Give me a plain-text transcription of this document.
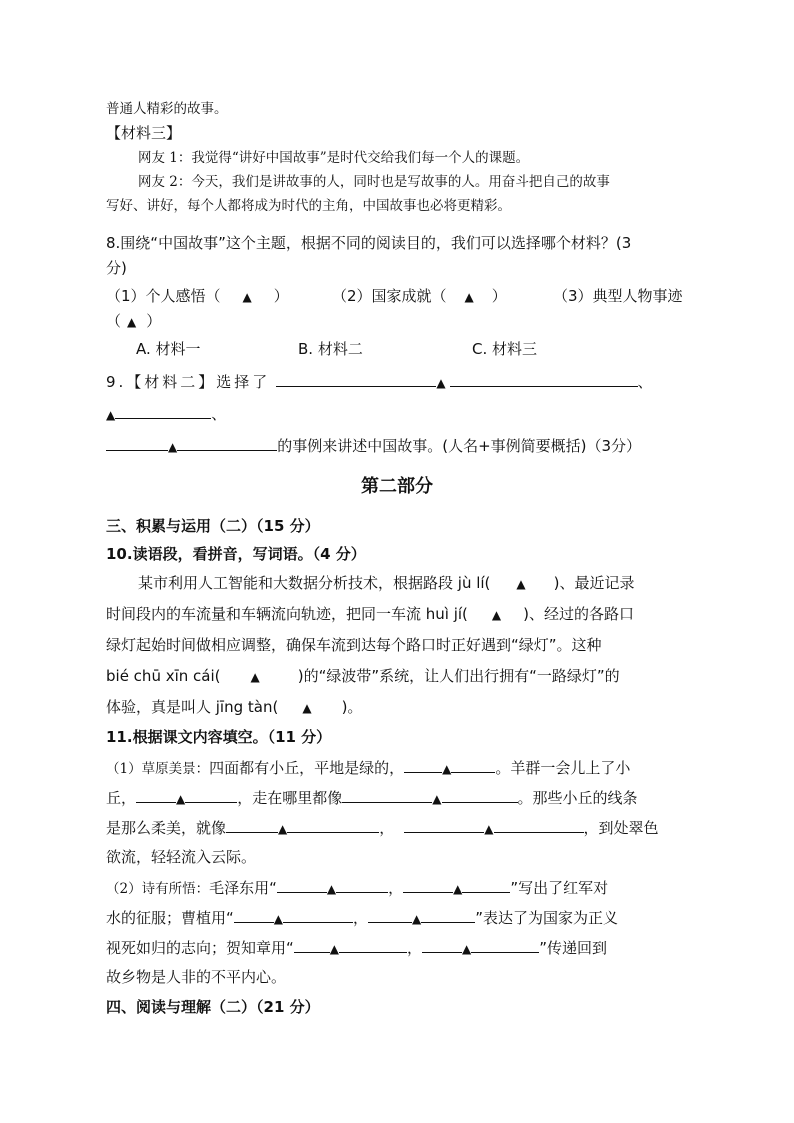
普通人精彩的故事。
【材料三】
网友 1：我觉得“讲好中国故事”是时代交给我们每一个人的课题。
网友 2：今天，我们是讲故事的人，同时也是写故事的人。用奋斗把自己的故事
写好、讲好，每个人都将成为时代的主角，中国故事也必将更精彩。
8.围绕“中国故事”这个主题，根据不同的阅读目的，我们可以选择哪个材料？(3
分)
（1）个人感悟（ ▲ ）	（2）国家成就（ ▲ ）	（3）典型人物事迹
（ ▲ ）
A. 材料一	B. 材料二	C. 材料三
9.【材料二】选择了	▲	、
▲	、
▲	的事例来讲述中国故事。(人名+事例简要概括)（3分）
第二部分
三、积累与运用（二）（15 分）
10.读语段，看拼音，写词语。（4 分）
某市利用人工智能和大数据分析技术，根据路段 jù lí( ▲ )、最近记录
时间段内的车流量和车辆流向轨迹，把同一车流 huì jí( ▲ )、经过的各路口
绿灯起始时间做相应调整，确保车流到达每个路口时正好遇到“绿灯”。这种
bié chū xīn cái(	▲	)的“绿波带”系统，让人们出行拥有“一路绿灯”的
体验，真是叫人 jīng tàn( ▲ )。
11.根据课文内容填空。（11 分）
（1）草原美景：四面都有小丘，平地是绿的，	▲	。羊群一会儿上了小
丘，	▲	，走在哪里都像	▲	。那些小丘的线条
是那么柔美，就像	▲	，	▲	，到处翠色
欲流，轻轻流入云际。
（2）诗有所悟：毛泽东用“	▲	，	▲	”写出了红军对
水的征服；曹植用“	▲	，	▲	”表达了为国家为正义
视死如归的志向；贺知章用“	▲	，	▲	”传递回到
故乡物是人非的不平内心。
四、阅读与理解（二）（21 分）
